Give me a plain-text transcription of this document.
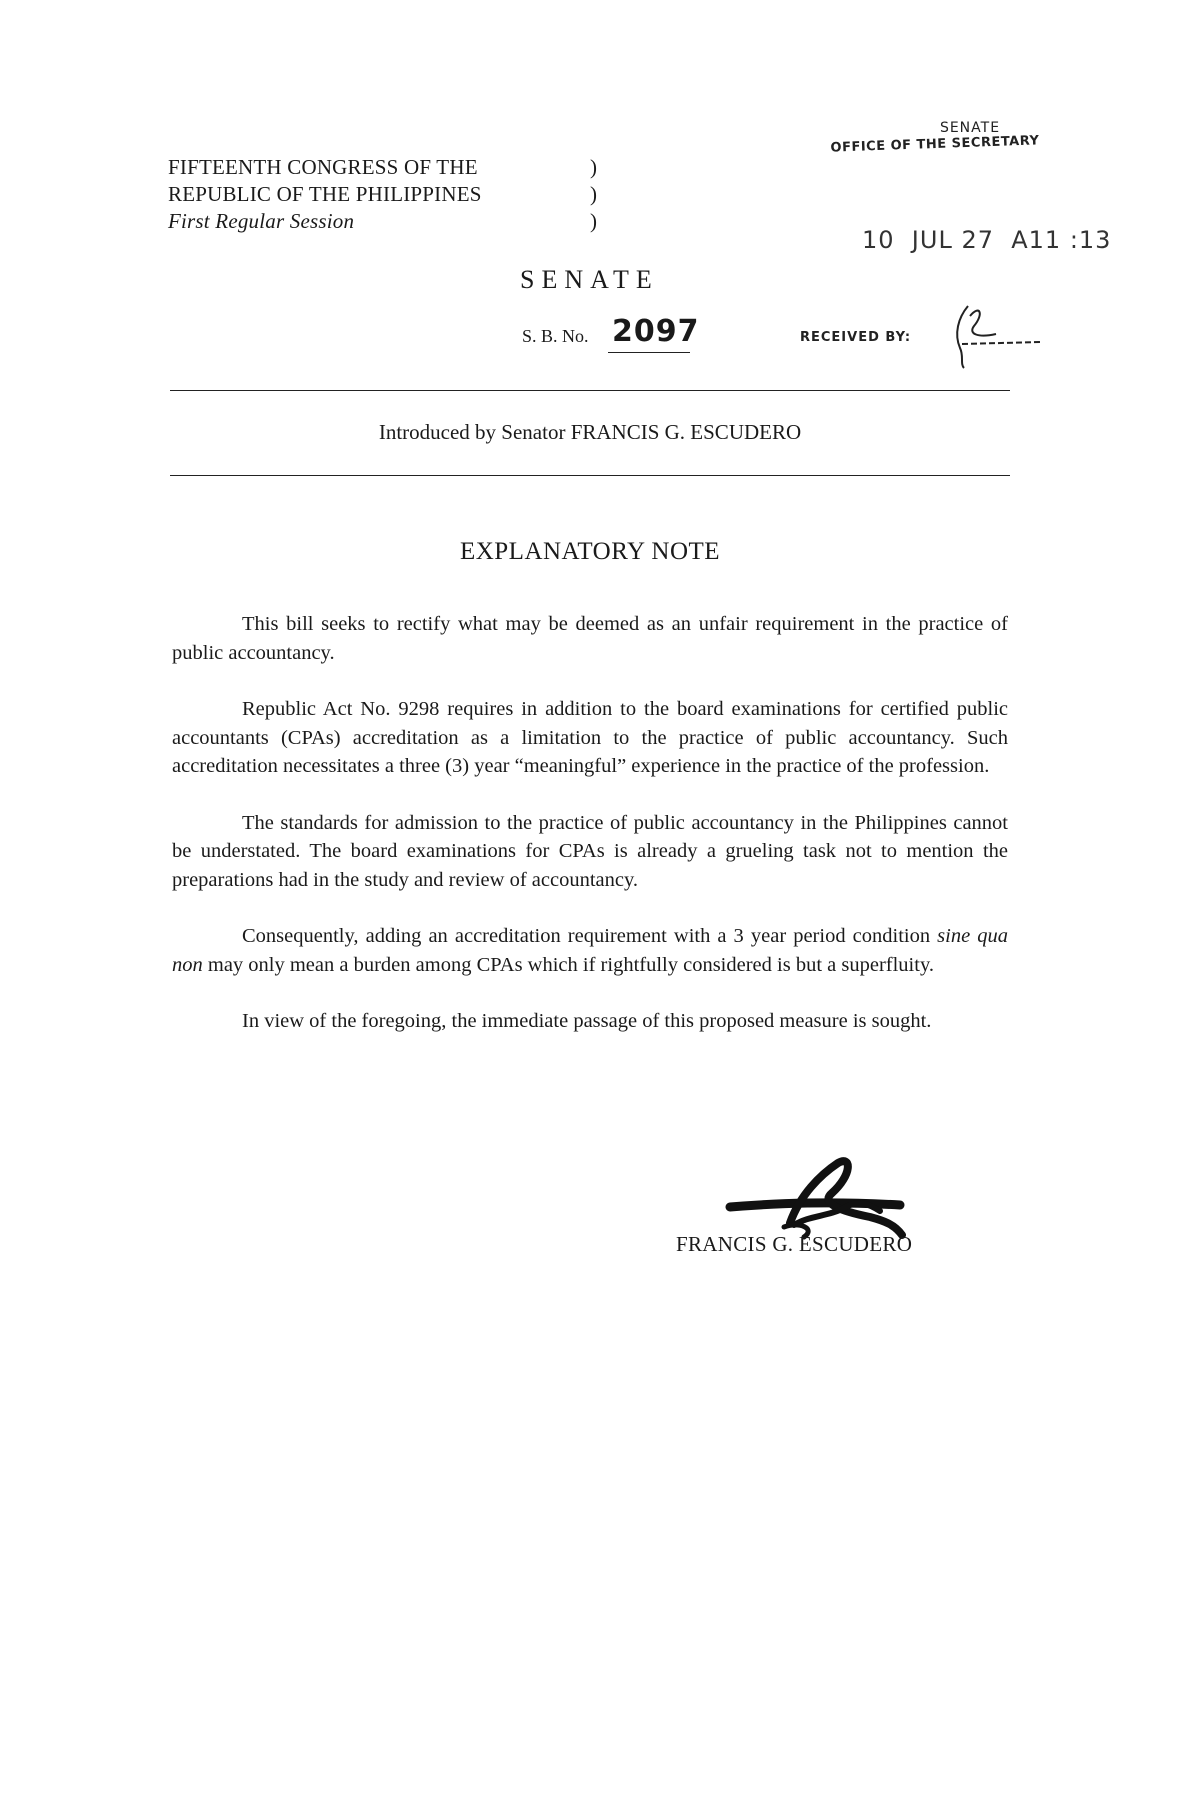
FIFTEENTH CONGRESS OF THE
REPUBLIC OF THE PHILIPPINES
First Regular Session
)
)
)
SENATE
OFFICE OF THE SECRETARY
10  JUL 27  A11 :13
RECEIVED BY:
SENATE
S. B. No. 2097
Introduced by Senator FRANCIS G. ESCUDERO
EXPLANATORY NOTE

This bill seeks to rectify what may be deemed as an unfair requirement in the practice of public accountancy.

Republic Act No. 9298 requires in addition to the board examinations for certified public accountants (CPAs) accreditation as a limitation to the practice of public accountancy. Such accreditation necessitates a three (3) year “meaningful” experience in the practice of the profession.

The standards for admission to the practice of public accountancy in the Philippines cannot be understated. The board examinations for CPAs is already a grueling task not to mention the preparations had in the study and review of accountancy.

Consequently, adding an accreditation requirement with a 3 year period condition sine qua non may only mean a burden among CPAs which if rightfully considered is but a superfluity.

In view of the foregoing, the immediate passage of this proposed measure is sought.

FRANCIS G. ESCUDERO
